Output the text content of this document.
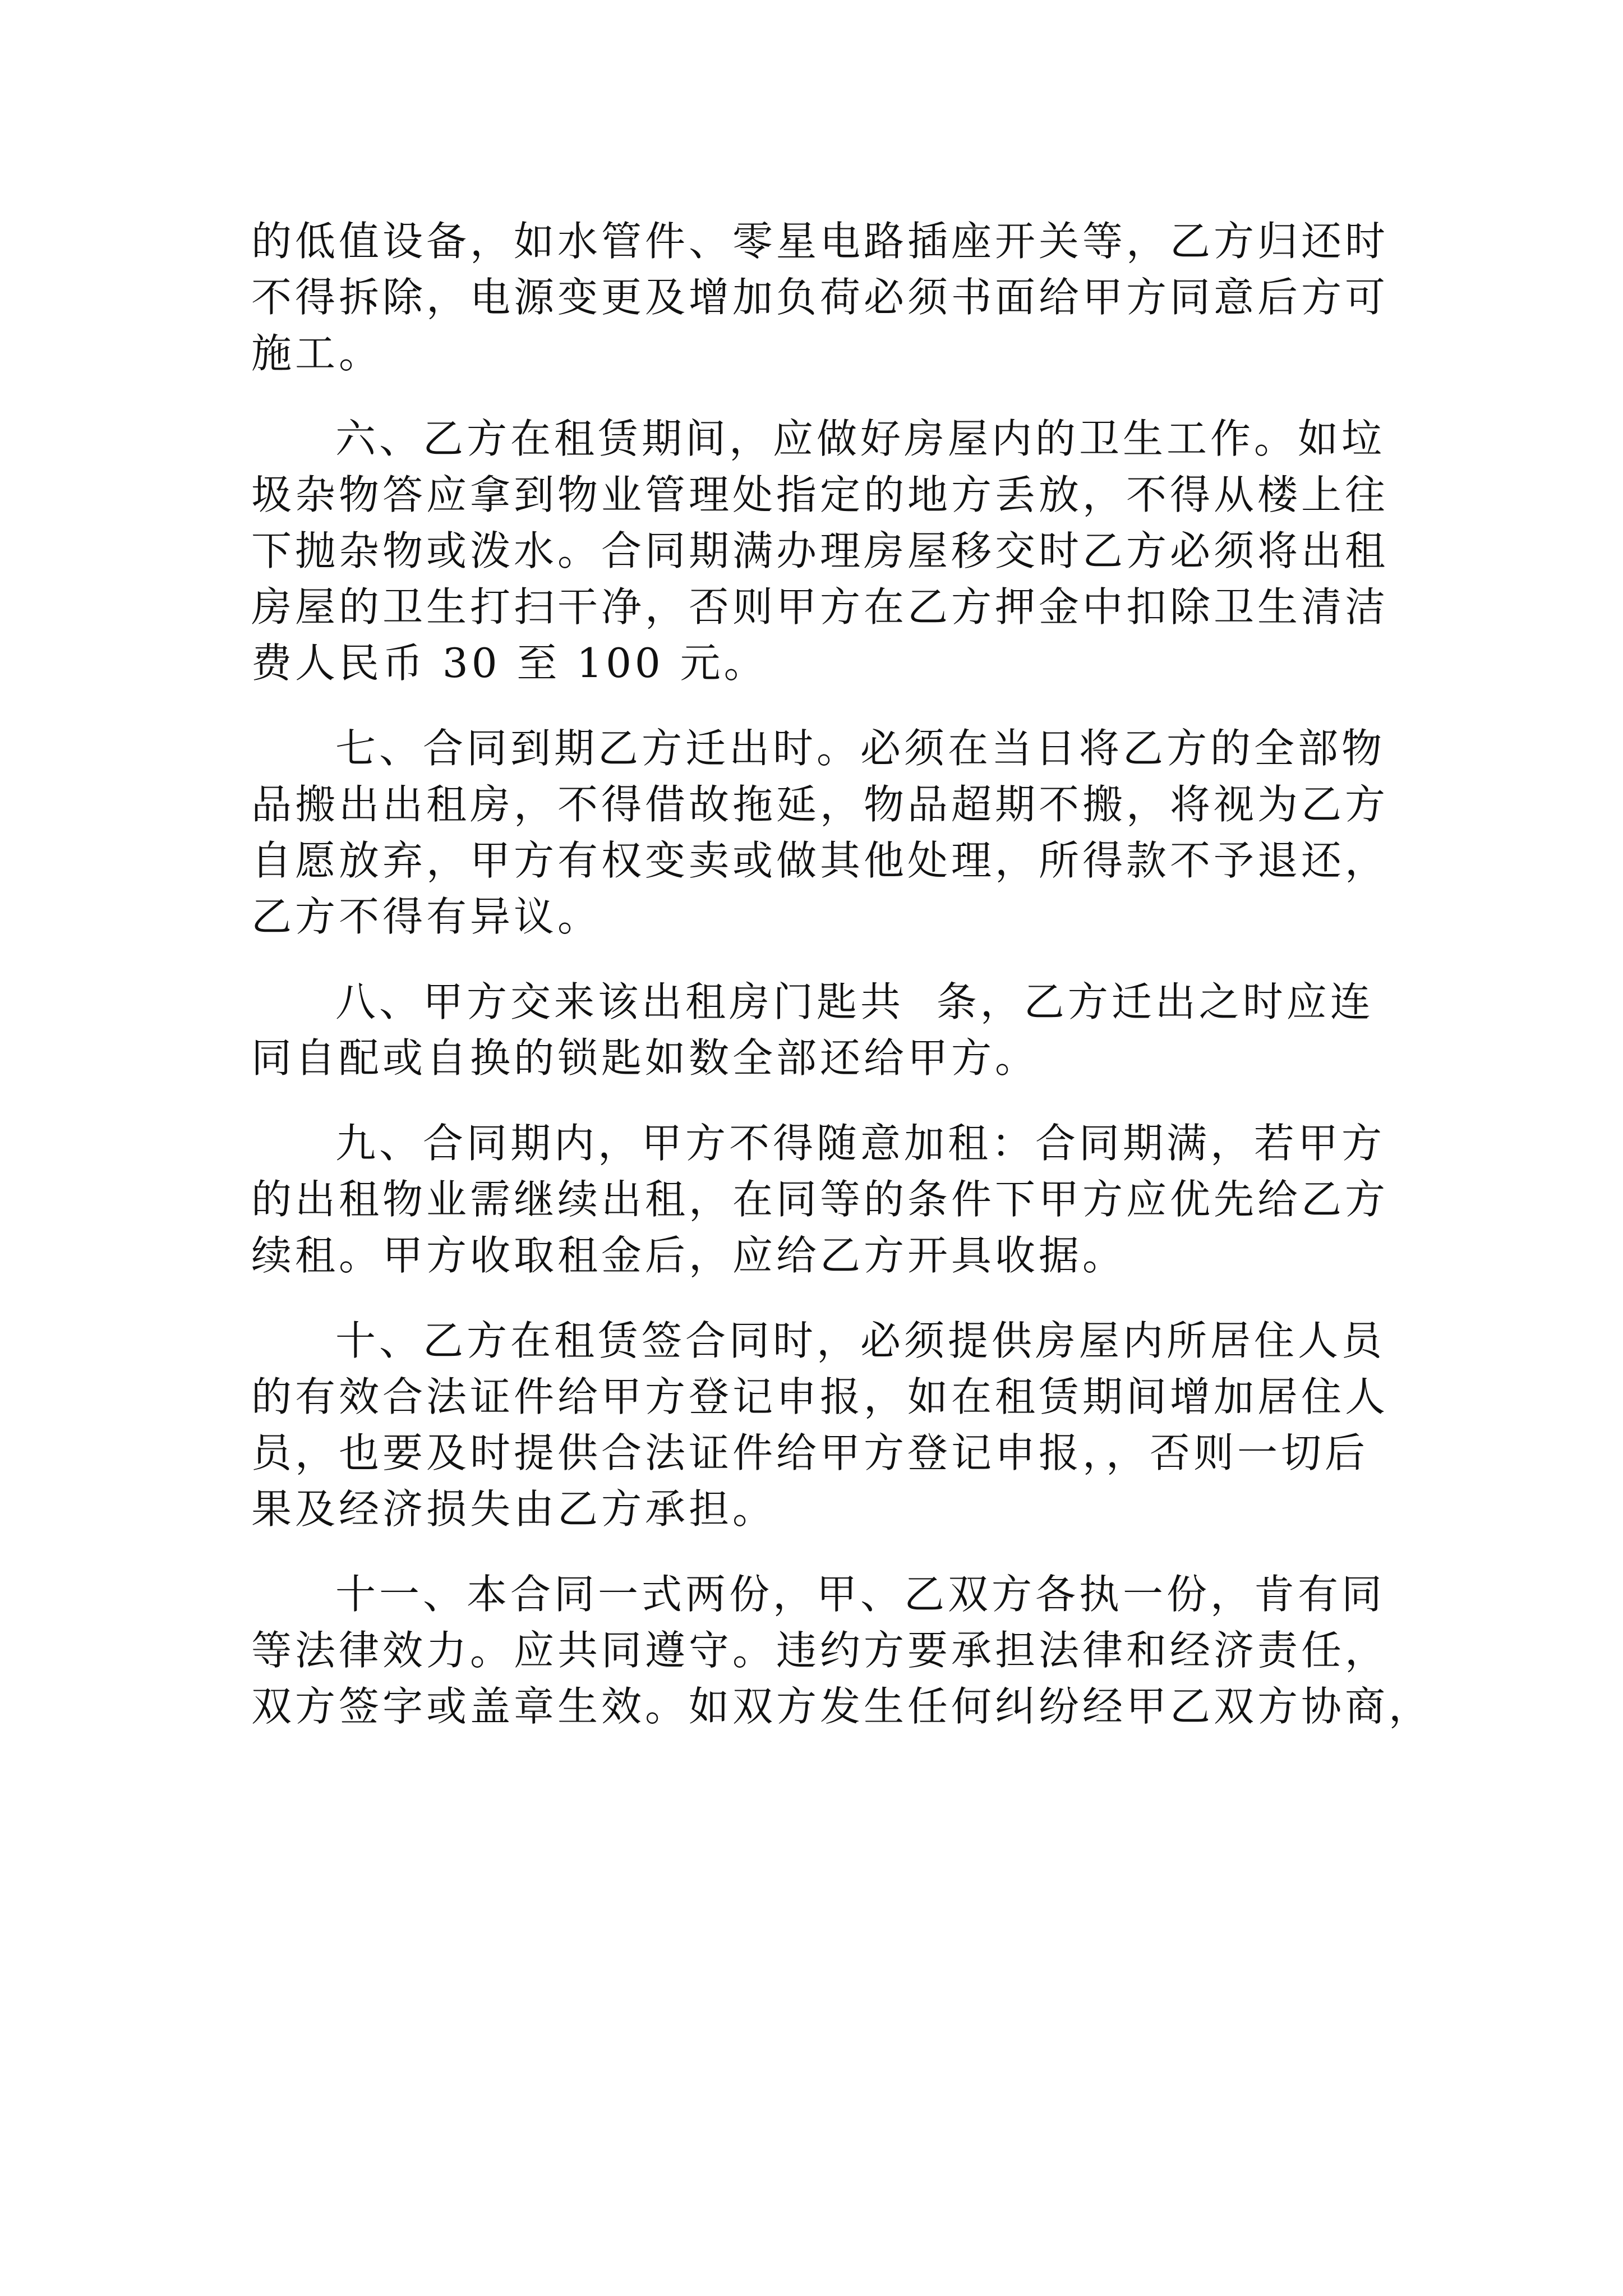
的低值设备，如水管件、零星电路插座开关等，乙方归还时
不得拆除，电源变更及增加负荷必须书面给甲方同意后方可
施工。
六、乙方在租赁期间，应做好房屋内的卫生工作。如垃
圾杂物答应拿到物业管理处指定的地方丢放，不得从楼上往
下抛杂物或泼水。合同期满办理房屋移交时乙方必须将出租
房屋的卫生打扫干净，否则甲方在乙方押金中扣除卫生清洁
费人民币 30 至 100 元。
七、合同到期乙方迁出时。必须在当日将乙方的全部物
品搬出出租房，不得借故拖延，物品超期不搬，将视为乙方
自愿放弃，甲方有权变卖或做其他处理，所得款不予退还，
乙方不得有异议。
八、甲方交来该出租房门匙共  条，乙方迁出之时应连
同自配或自换的锁匙如数全部还给甲方。
九、合同期内，甲方不得随意加租：合同期满，若甲方
的出租物业需继续出租，在同等的条件下甲方应优先给乙方
续租。甲方收取租金后，应给乙方开具收据。
十、乙方在租赁签合同时，必须提供房屋内所居住人员
的有效合法证件给甲方登记申报，如在租赁期间增加居住人
员，也要及时提供合法证件给甲方登记申报，，否则一切后
果及经济损失由乙方承担。
十一、本合同一式两份，甲、乙双方各执一份，肯有同
等法律效力。应共同遵守。违约方要承担法律和经济责任，
双方签字或盖章生效。如双方发生任何纠纷经甲乙双方协商，
